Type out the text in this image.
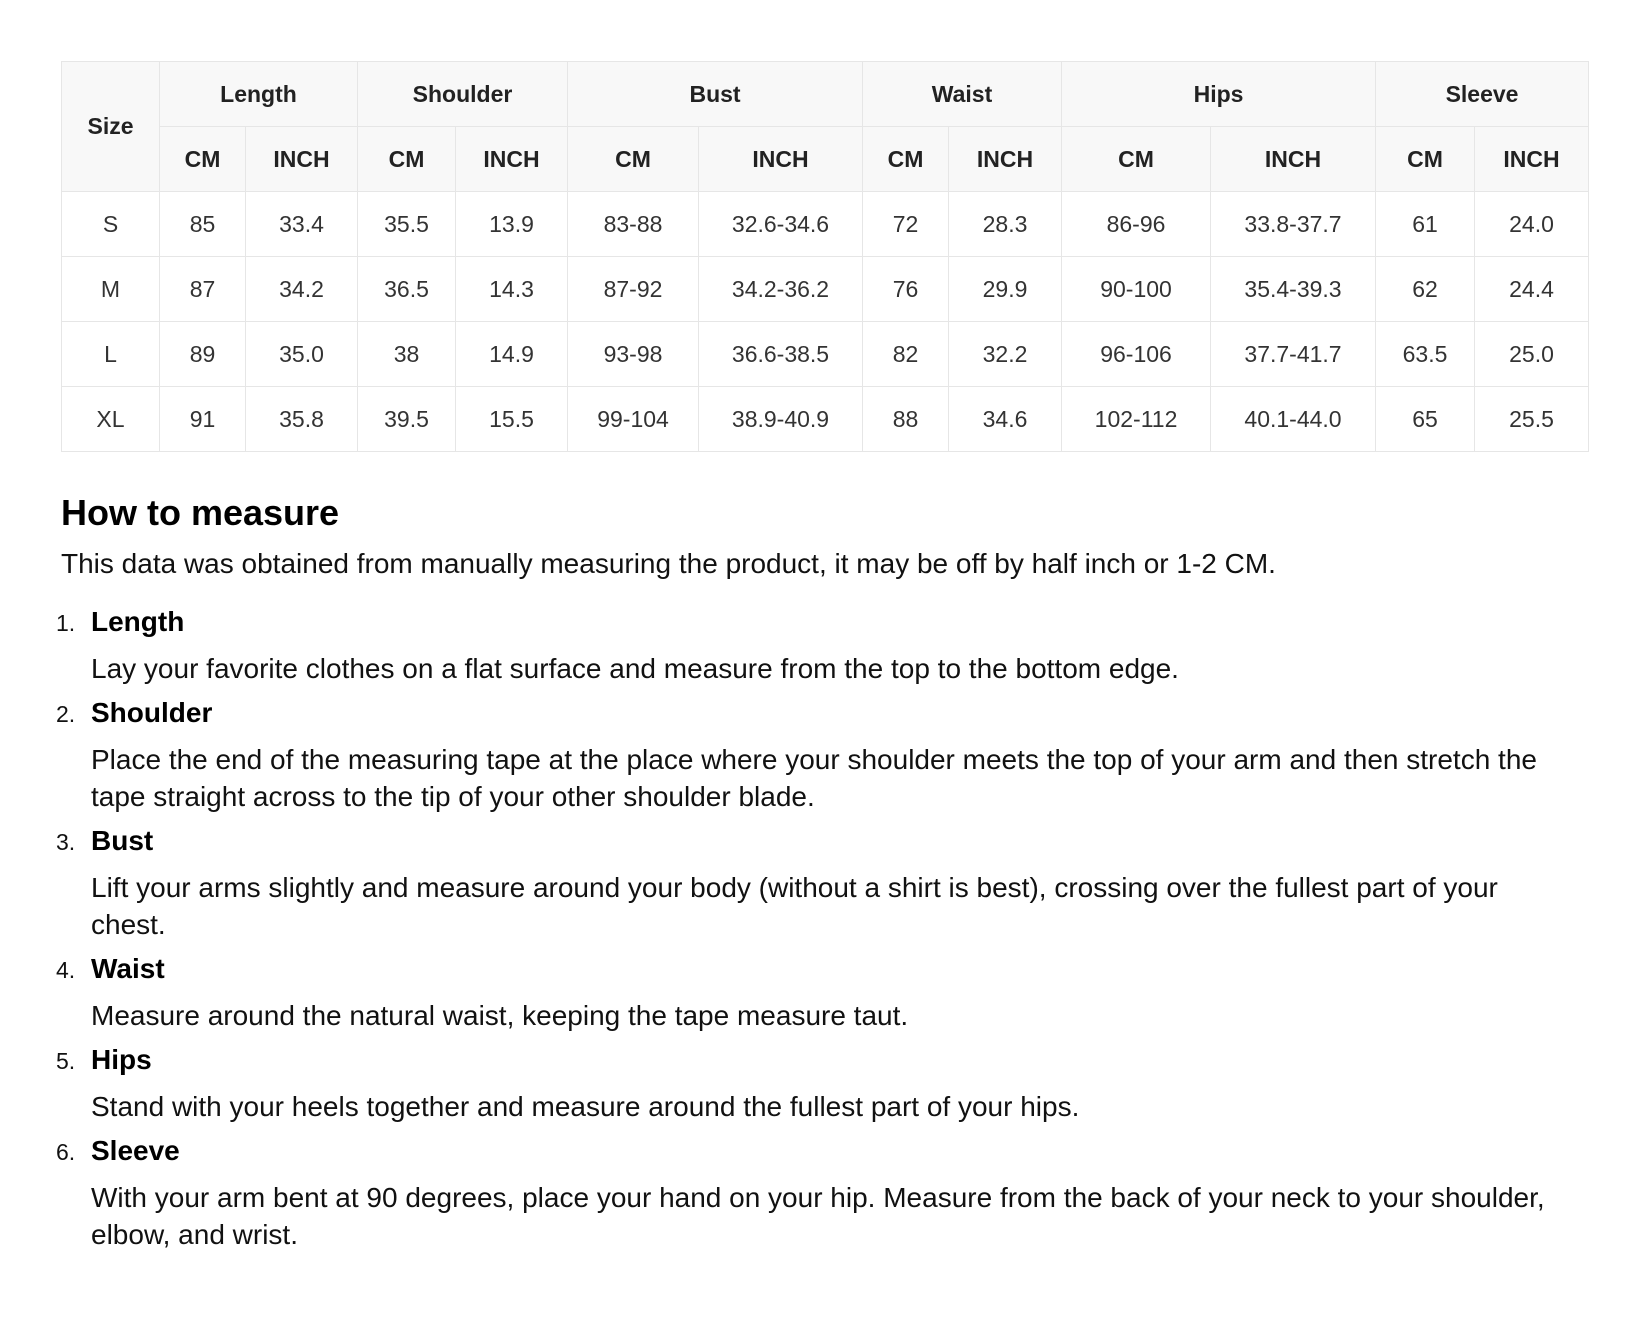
Size	Length		Shoulder		Bust		Waist		Hips		Sleeve	
	CM	INCH	CM	INCH	CM	INCH	CM	INCH	CM	INCH	CM	INCH
S	85	33.4	35.5	13.9	83-88	32.6-34.6	72	28.3	86-96	33.8-37.7	61	24.0
M	87	34.2	36.5	14.3	87-92	34.2-36.2	76	29.9	90-100	35.4-39.3	62	24.4
L	89	35.0	38	14.9	93-98	36.6-38.5	82	32.2	96-106	37.7-41.7	63.5	25.0
XL	91	35.8	39.5	15.5	99-104	38.9-40.9	88	34.6	102-112	40.1-44.0	65	25.5
How to measure

This data was obtained from manually measuring the product, it may be off by half inch or 1-2 CM.

1. Length
Lay your favorite clothes on a flat surface and measure from the top to the bottom edge.
2. Shoulder
Place the end of the measuring tape at the place where your shoulder meets the top of your arm and then stretch the tape straight across to the tip of your other shoulder blade.
3. Bust
Lift your arms slightly and measure around your body (without a shirt is best), crossing over the fullest part of your chest.
4. Waist
Measure around the natural waist, keeping the tape measure taut.
5. Hips
Stand with your heels together and measure around the fullest part of your hips.
6. Sleeve
With your arm bent at 90 degrees, place your hand on your hip. Measure from the back of your neck to your shoulder, elbow, and wrist.
